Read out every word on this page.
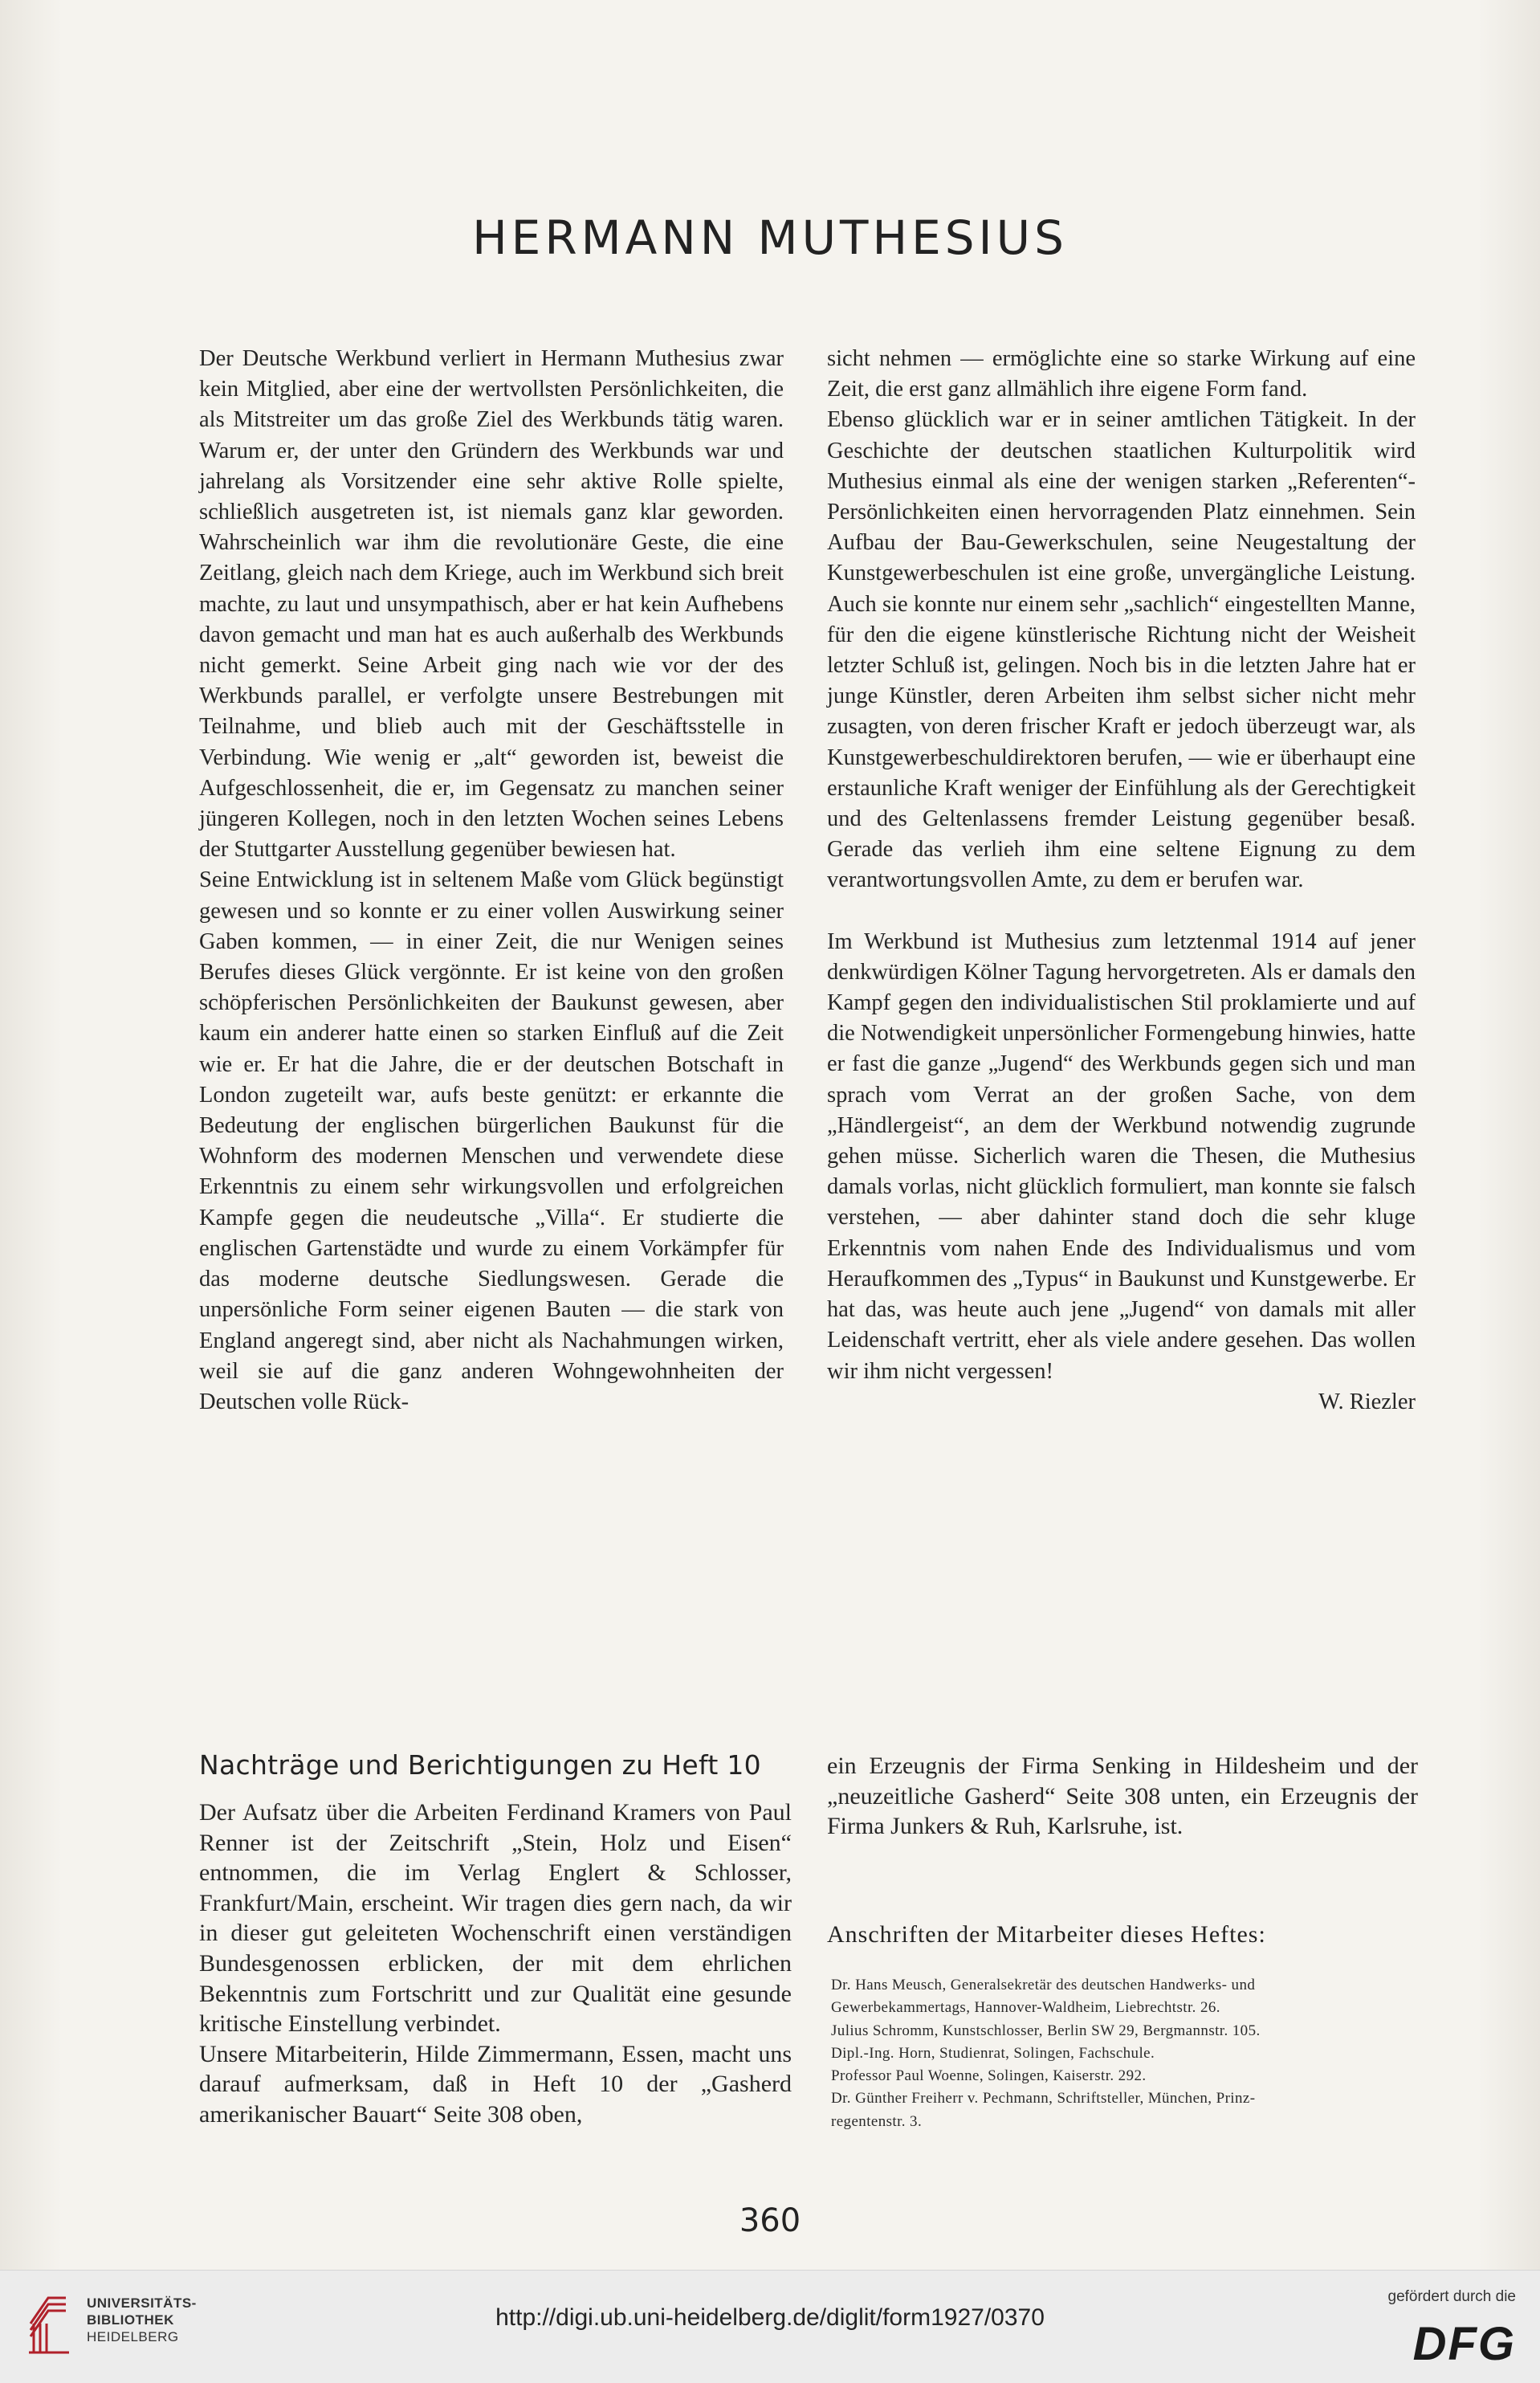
HERMANN MUTHESIUS

Der Deutsche Werkbund verliert in Hermann Muthesius zwar kein Mitglied, aber eine der wertvollsten Persönlichkeiten, die als Mitstreiter um das große Ziel des Werkbunds tätig waren. Warum er, der unter den Gründern des Werkbunds war und jahrelang als Vorsitzender eine sehr aktive Rolle spielte, schließlich ausgetreten ist, ist niemals ganz klar geworden. Wahrscheinlich war ihm die revolutionäre Geste, die eine Zeitlang, gleich nach dem Kriege, auch im Werkbund sich breit machte, zu laut und unsympathisch, aber er hat kein Aufhebens davon gemacht und man hat es auch außerhalb des Werkbunds nicht gemerkt. Seine Arbeit ging nach wie vor der des Werkbunds parallel, er verfolgte unsere Bestrebungen mit Teilnahme, und blieb auch mit der Geschäftsstelle in Verbindung. Wie wenig er „alt“ geworden ist, beweist die Aufgeschlossenheit, die er, im Gegensatz zu manchen seiner jüngeren Kollegen, noch in den letzten Wochen seines Lebens der Stuttgarter Ausstellung gegenüber bewiesen hat.

Seine Entwicklung ist in seltenem Maße vom Glück begünstigt gewesen und so konnte er zu einer vollen Auswirkung seiner Gaben kommen, — in einer Zeit, die nur Wenigen seines Berufes dieses Glück vergönnte. Er ist keine von den großen schöpferischen Persönlichkeiten der Baukunst gewesen, aber kaum ein anderer hatte einen so starken Einfluß auf die Zeit wie er. Er hat die Jahre, die er der deutschen Botschaft in London zugeteilt war, aufs beste genützt: er erkannte die Bedeutung der englischen bürgerlichen Baukunst für die Wohnform des modernen Menschen und verwendete diese Erkenntnis zu einem sehr wirkungsvollen und erfolgreichen Kampfe gegen die neudeutsche „Villa“. Er studierte die englischen Gartenstädte und wurde zu einem Vorkämpfer für das moderne deutsche Siedlungswesen. Gerade die unpersönliche Form seiner eigenen Bauten — die stark von England angeregt sind, aber nicht als Nachahmungen wirken, weil sie auf die ganz anderen Wohngewohnheiten der Deutschen volle Rück-

sicht nehmen — ermöglichte eine so starke Wirkung auf eine Zeit, die erst ganz allmählich ihre eigene Form fand.

Ebenso glücklich war er in seiner amtlichen Tätigkeit. In der Geschichte der deutschen staatlichen Kulturpolitik wird Muthesius einmal als eine der wenigen starken „Referenten“-Persönlichkeiten einen hervorragenden Platz einnehmen. Sein Aufbau der Bau-Gewerkschulen, seine Neugestaltung der Kunstgewerbeschulen ist eine große, unvergängliche Leistung. Auch sie konnte nur einem sehr „sachlich“ eingestellten Manne, für den die eigene künstlerische Richtung nicht der Weisheit letzter Schluß ist, gelingen. Noch bis in die letzten Jahre hat er junge Künstler, deren Arbeiten ihm selbst sicher nicht mehr zusagten, von deren frischer Kraft er jedoch überzeugt war, als Kunstgewerbeschuldirektoren berufen, — wie er überhaupt eine erstaunliche Kraft weniger der Einfühlung als der Gerechtigkeit und des Geltenlassens fremder Leistung gegenüber besaß. Gerade das verlieh ihm eine seltene Eignung zu dem verantwortungsvollen Amte, zu dem er berufen war.

Im Werkbund ist Muthesius zum letztenmal 1914 auf jener denkwürdigen Kölner Tagung hervorgetreten. Als er damals den Kampf gegen den individualistischen Stil proklamierte und auf die Notwendigkeit unpersönlicher Formengebung hinwies, hatte er fast die ganze „Jugend“ des Werkbunds gegen sich und man sprach vom Verrat an der großen Sache, von dem „Händlergeist“, an dem der Werkbund notwendig zugrunde gehen müsse. Sicherlich waren die Thesen, die Muthesius damals vorlas, nicht glücklich formuliert, man konnte sie falsch verstehen, — aber dahinter stand doch die sehr kluge Erkenntnis vom nahen Ende des Individualismus und vom Heraufkommen des „Typus“ in Baukunst und Kunstgewerbe. Er hat das, was heute auch jene „Jugend“ von damals mit aller Leidenschaft vertritt, eher als viele andere gesehen. Das wollen wir ihm nicht vergessen!

W. Riezler

Nachträge und Berichtigungen zu Heft 10

Der Aufsatz über die Arbeiten Ferdinand Kramers von Paul Renner ist der Zeitschrift „Stein, Holz und Eisen“ entnommen, die im Verlag Englert & Schlosser, Frankfurt/Main, erscheint. Wir tragen dies gern nach, da wir in dieser gut geleiteten Wochenschrift einen verständigen Bundesgenossen erblicken, der mit dem ehrlichen Bekenntnis zum Fortschritt und zur Qualität eine gesunde kritische Einstellung verbindet.

Unsere Mitarbeiterin, Hilde Zimmermann, Essen, macht uns darauf aufmerksam, daß in Heft 10 der „Gasherd amerikanischer Bauart“ Seite 308 oben,

ein Erzeugnis der Firma Senking in Hildesheim und der „neuzeitliche Gasherd“ Seite 308 unten, ein Erzeugnis der Firma Junkers & Ruh, Karlsruhe, ist.
Anschriften der Mitarbeiter dieses Heftes:
Dr. Hans Meusch, Generalsekretär des deutschen Handwerks- und
Gewerbekammertags, Hannover-Waldheim, Liebrechtstr. 26.
Julius Schromm, Kunstschlosser, Berlin SW 29, Bergmannstr. 105.
Dipl.-Ing. Horn, Studienrat, Solingen, Fachschule.
Professor Paul Woenne, Solingen, Kaiserstr. 292.
Dr. Günther Freiherr v. Pechmann, Schriftsteller, München, Prinz-
regentenstr. 3.
360
UNIVERSITÄTS-
BIBLIOTHEK
HEIDELBERG
http://digi.ub.uni-heidelberg.de/diglit/form1927/0370
gefördert durch die
DFG
